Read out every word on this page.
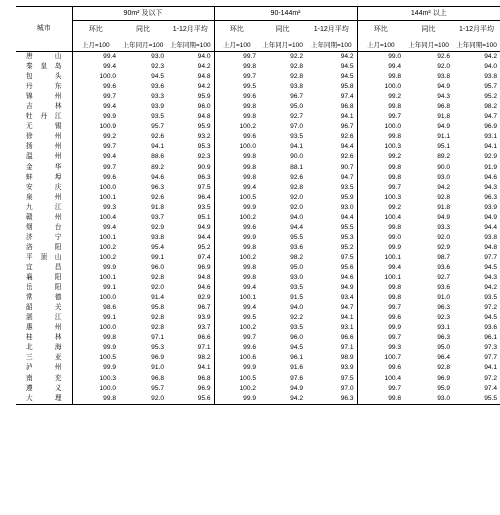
城市	90m² 及以下			90-144m²			144m² 以上		
	环比	同比	1-12月平均	环比	同比	1-12月平均	环比	同比	1-12月平均
	上月=100	上年同月=100	上年同期=100	上月=100	上年同月=100	上年同期=100	上月=100	上年同月=100	上年同期=100
唐山	99.4	93.0	94.0	99.7	92.2	94.2	99.0	92.6	94.2
秦皇岛	99.4	92.3	94.2	99.8	92.8	94.5	99.4	92.0	94.0
包头	100.0	94.5	94.8	99.7	92.8	94.5	99.8	93.8	93.8
丹东	99.6	93.6	94.2	99.5	93.8	95.8	100.0	94.9	95.7
锦州	99.7	93.3	95.9	99.6	96.7	97.4	99.2	94.3	95.2
吉林	99.4	93.9	96.0	99.8	95.0	96.8	99.8	96.8	98.2
牡丹江	99.9	93.5	94.8	99.8	92.7	94.1	99.7	91.8	94.7
无锡	100.9	95.7	95.9	100.2	97.0	96.7	100.0	94.9	96.9
徐州	99.2	92.6	93.2	99.6	93.5	92.6	99.8	91.1	93.1
扬州	99.7	94.1	95.3	100.0	94.1	94.4	100.3	95.1	94.1
温州	99.4	88.6	92.3	99.8	90.0	92.6	99.2	89.2	92.9
金华	99.7	89.2	90.9	99.8	88.1	90.7	99.8	90.0	91.9
蚌埠	99.6	94.6	96.3	99.8	92.6	94.7	99.8	93.0	94.6
安庆	100.0	96.3	97.5	99.4	92.8	93.5	99.7	94.2	94.3
泉州	100.1	92.6	96.4	100.5	92.0	95.9	100.3	92.8	96.3
九江	99.3	91.8	93.5	99.9	92.0	93.0	99.2	91.8	93.9
赣州	100.4	93.7	95.1	100.2	94.0	94.4	100.4	94.9	94.9
烟台	99.4	92.9	94.9	99.6	94.4	95.5	99.8	93.3	94.4
济宁	100.1	93.8	94.4	99.9	95.5	95.3	99.0	92.0	93.8
洛阳	100.2	95.4	95.2	99.8	93.6	95.2	99.9	92.9	94.8
平顶山	100.2	99.1	97.4	100.2	98.2	97.5	100.1	98.7	97.7
宜昌	99.9	96.0	96.9	99.8	95.0	95.6	99.4	93.6	94.5
襄阳	100.1	92.8	94.8	99.8	93.0	94.6	100.1	92.7	94.3
岳阳	99.1	92.0	94.6	99.4	93.5	94.9	99.8	93.6	94.2
常德	100.0	91.4	92.9	100.1	91.5	93.4	99.8	91.0	93.5
韶关	98.6	95.8	96.7	99.4	94.0	94.7	99.7	96.3	97.2
湛江	99.1	92.8	93.9	99.5	92.2	94.1	99.6	92.3	94.5
惠州	100.0	92.8	93.7	100.2	93.5	93.1	99.9	93.1	93.6
桂林	99.8	97.1	96.6	99.7	96.0	96.6	99.7	96.3	96.1
北海	99.9	95.3	97.1	99.6	94.5	97.1	99.3	95.0	97.3
三亚	100.5	96.9	98.2	100.6	96.1	98.9	100.7	96.4	97.7
泸州	99.9	91.0	94.1	99.9	91.6	93.9	99.6	92.8	94.1
南充	100.3	96.8	96.8	100.5	97.6	97.5	100.4	96.9	97.2
遵义	100.0	95.7	96.9	100.2	94.9	97.0	99.7	95.9	97.4
大理	99.8	92.0	95.6	99.9	94.2	96.3	99.8	93.0	95.5
